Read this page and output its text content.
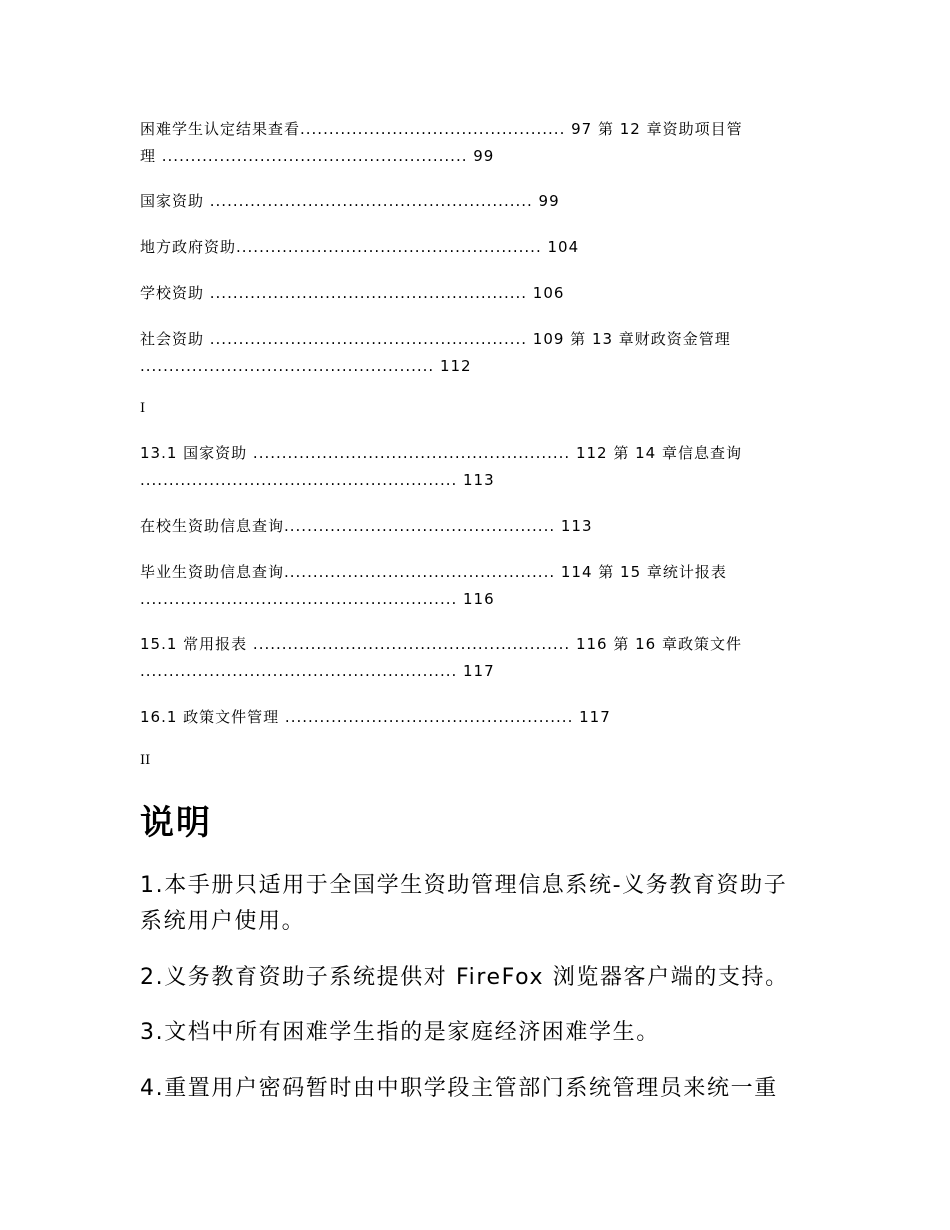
困难学生认定结果查看.............................................. 97 第 12 章资助项目管
理 ..................................................... 99
国家资助 ........................................................ 99
地方政府资助..................................................... 104
学校资助 ....................................................... 106
社会资助 ....................................................... 109 第 13 章财政资金管理
................................................... 112
I
13.1 国家资助 ....................................................... 112 第 14 章信息查询
....................................................... 113
在校生资助信息查询............................................... 113
毕业生资助信息查询............................................... 114 第 15 章统计报表
....................................................... 116
15.1 常用报表 ....................................................... 116 第 16 章政策文件
....................................................... 117
16.1 政策文件管理 .................................................. 117
II
说明
1.本手册只适用于全国学生资助管理信息系统-义务教育资助子
系统用户使用。
2.义务教育资助子系统提供对 FireFox 浏览器客户端的支持。
3.文档中所有困难学生指的是家庭经济困难学生。
4.重置用户密码暂时由中职学段主管部门系统管理员来统一重
